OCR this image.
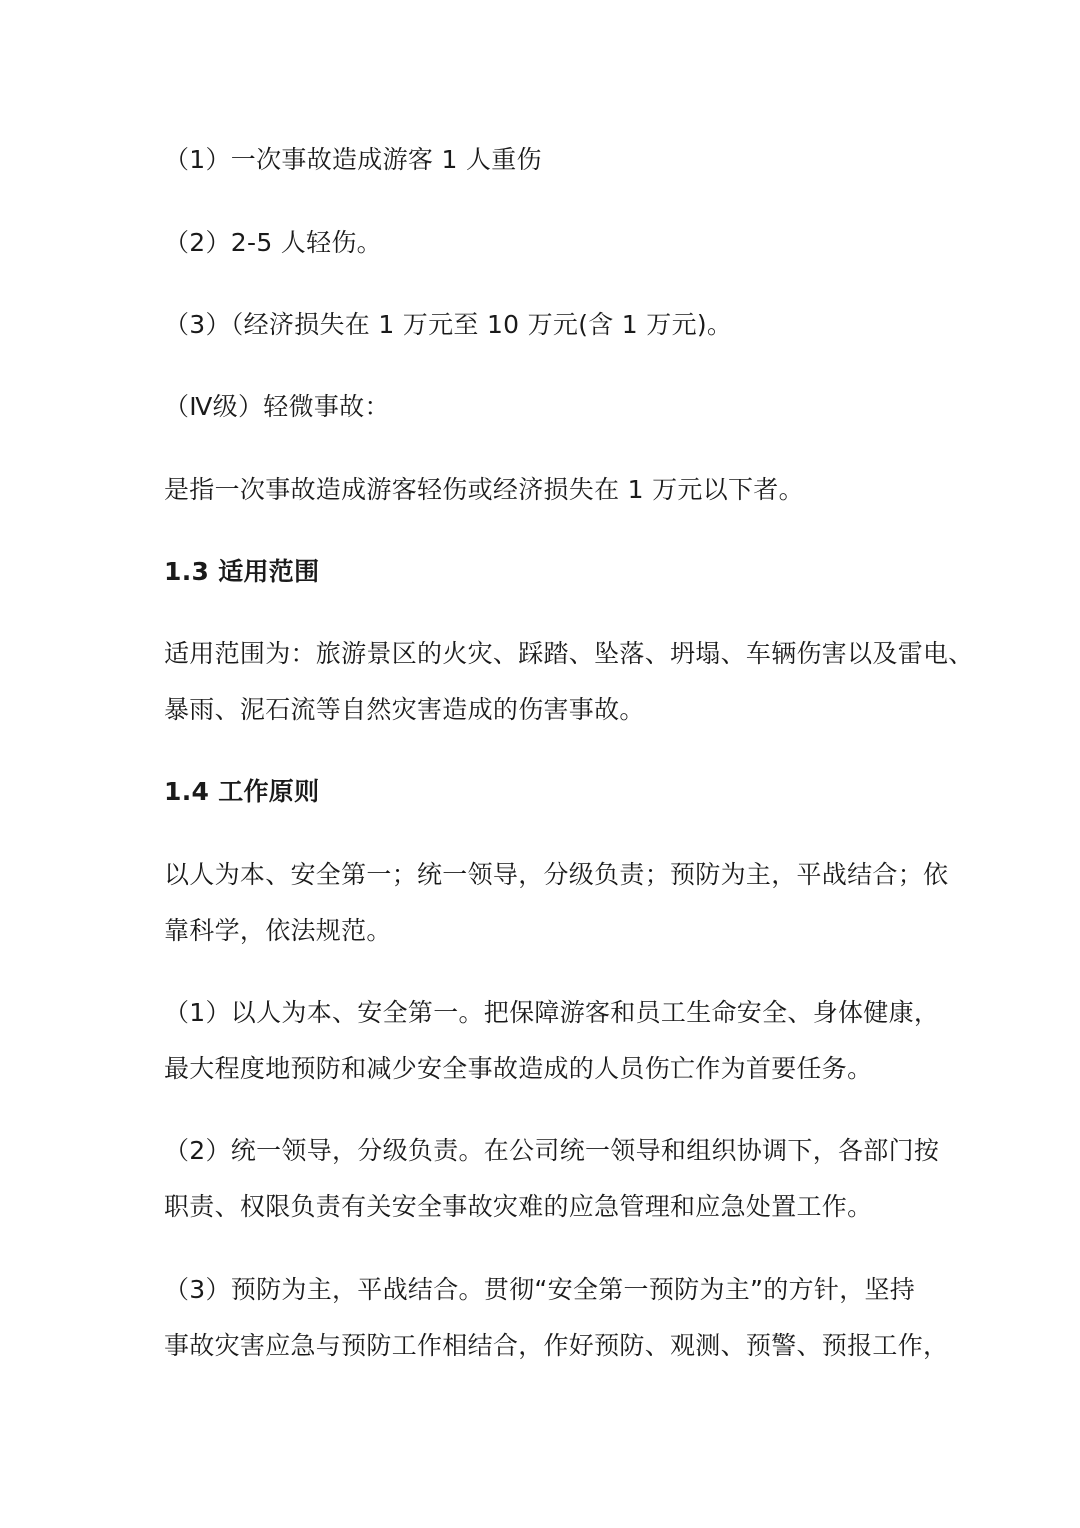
（1）一次事故造成游客 1 人重伤
（2）2-5 人轻伤。
（3）（经济损失在 1 万元至 10 万元(含 1 万元)。
（Ⅳ级）轻微事故：
是指一次事故造成游客轻伤或经济损失在 1 万元以下者。
1.3 适用范围
适用范围为：旅游景区的火灾、踩踏、坠落、坍塌、车辆伤害以及雷电、
暴雨、泥石流等自然灾害造成的伤害事故。
1.4 工作原则
以人为本、安全第一；统一领导，分级负责；预防为主，平战结合；依
靠科学，依法规范。
（1）以人为本、安全第一。把保障游客和员工生命安全、身体健康，
最大程度地预防和减少安全事故造成的人员伤亡作为首要任务。
（2）统一领导，分级负责。在公司统一领导和组织协调下，各部门按
职责、权限负责有关安全事故灾难的应急管理和应急处置工作。
（3）预防为主，平战结合。贯彻“安全第一预防为主”的方针，坚持
事故灾害应急与预防工作相结合，作好预防、观测、预警、预报工作，
